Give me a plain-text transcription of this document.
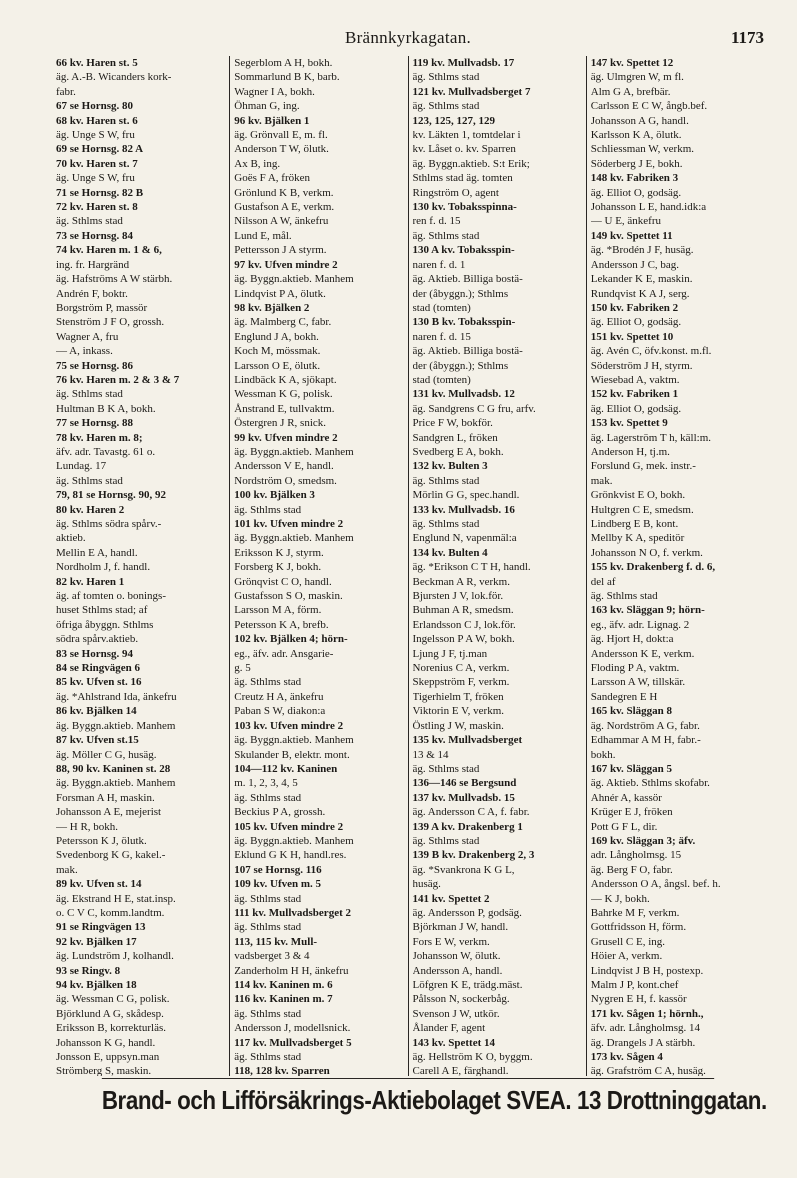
Brännkyrkagatan.	1173
66 kv. Haren st. 5
äg. A.-B. Wicanders kork-
fabr.
67 se Hornsg. 80
68 kv. Haren st. 6
äg. Unge S W, fru
69 se Hornsg. 82 A
70 kv. Haren st. 7
äg. Unge S W, fru
71 se Hornsg. 82 B
72 kv. Haren st. 8
äg. Sthlms stad
73 se Hornsg. 84
74 kv. Haren m. 1 & 6,
ing. fr. Hargränd
äg. Hafströms A W stärbh.
Andrén F, boktr.
Borgström P, massör
Stenström J F O, grossh.
Wagner A, fru
— A, inkass.
75 se Hornsg. 86
76 kv. Haren m. 2 & 3 & 7
äg. Sthlms stad
Hultman B K A, bokh.
77 se Hornsg. 88
78 kv. Haren m. 8;
äfv. adr. Tavastg. 61 o.
Lundag. 17
äg. Sthlms stad
79, 81 se Hornsg. 90, 92
80 kv. Haren 2
äg. Sthlms södra spårv.-
aktieb.
Mellin E A, handl.
Nordholm J, f. handl.
82 kv. Haren 1
äg. af tomten o. bonings-
huset Sthlms stad; af
öfriga åbyggn. Sthlms
södra spårv.aktieb.
83 se Hornsg. 94
84 se Ringvägen 6
85 kv. Ufven st. 16
äg. *Ahlstrand Ida, änkefru
86 kv. Bjälken 14
äg. Byggn.aktieb. Manhem
87 kv. Ufven st.15
äg. Möller C G, husäg.
88, 90 kv. Kaninen st. 28
äg. Byggn.aktieb. Manhem
Forsman A H, maskin.
Johansson A E, mejerist
— H R, bokh.
Petersson K J, ölutk.
Svedenborg K G, kakel.-
mak.
89 kv. Ufven st. 14
äg. Ekstrand H E, stat.insp.
o. C V C, komm.landtm.
91 se Ringvägen 13
92 kv. Bjälken 17
äg. Lundström J, kolhandl.
93 se Ringv. 8
94 kv. Bjälken 18
äg. Wessman C G, polisk.
Björklund A G, skådesp.
Eriksson B, korrekturläs.
Johansson K G, handl.
Jonsson E, uppsyn.man
Strömberg S, maskin.
Segerblom A H, bokh.
Sommarlund B K, barb.
Wagner I A, bokh.
Öhman G, ing.
96 kv. Bjälken 1
äg. Grönvall E, m. fl.
Anderson T W, ölutk.
Ax B, ing.
Goës F A, fröken
Grönlund K B, verkm.
Gustafson A E, verkm.
Nilsson A W, änkefru
Lund E, mål.
Pettersson J A styrm.
97 kv. Ufven mindre 2
äg. Byggn.aktieb. Manhem
Lindqvist P A, ölutk.
98 kv. Bjälken 2
äg. Malmberg C, fabr.
Englund J A, bokh.
Koch M, mössmak.
Larsson O E, ölutk.
Lindbäck K A, sjökapt.
Wessman K G, polisk.
Ånstrand E, tullvaktm.
Östergren J R, snick.
99 kv. Ufven mindre 2
äg. Byggn.aktieb. Manhem
Andersson V E, handl.
Nordström O, smedsm.
100 kv. Bjälken 3
äg. Sthlms stad
101 kv. Ufven mindre 2
äg. Byggn.aktieb. Manhem
Eriksson K J, styrm.
Forsberg K J, bokh.
Grönqvist C O, handl.
Gustafsson S O, maskin.
Larsson M A, förm.
Petersson K A, brefb.
102 kv. Bjälken 4; hörn-
eg., äfv. adr. Ansgarie-
g. 5
äg. Sthlms stad
Creutz H A, änkefru
Paban S W, diakon:a
103 kv. Ufven mindre 2
äg. Byggn.aktieb. Manhem
Skulander B, elektr. mont.
104—112 kv. Kaninen
m. 1, 2, 3, 4, 5
äg. Sthlms stad
Beckius P A, grossh.
105 kv. Ufven mindre 2
äg. Byggn.aktieb. Manhem
Eklund G K H, handl.res.
107 se Hornsg. 116
109 kv. Ufven m. 5
äg. Sthlms stad
111 kv. Mullvadsberget 2
äg. Sthlms stad
113, 115 kv. Mull-
vadsberget 3 & 4
Zanderholm H H, änkefru
114 kv. Kaninen m. 6
116 kv. Kaninen m. 7
äg. Sthlms stad
Andersson J, modellsnick.
117 kv. Mullvadsberget 5
äg. Sthlms stad
118, 128 kv. Sparren
119 kv. Mullvadsb. 17
äg. Sthlms stad
121 kv. Mullvadsberget 7
äg. Sthlms stad
123, 125, 127, 129
kv. Läkten 1, tomtdelar i
kv. Låset o. kv. Sparren
äg. Byggn.aktieb. S:t Erik;
Sthlms stad äg. tomten
Ringström O, agent
130 kv. Tobaksspinna-
ren f. d. 15
äg. Sthlms stad
130 A kv. Tobaksspin-
naren f. d. 1
äg. Aktieb. Billiga bostä-
der (åbyggn.); Sthlms
stad (tomten)
130 B kv. Tobaksspin-
naren f. d. 15
äg. Aktieb. Billiga bostä-
der (åbyggn.); Sthlms
stad (tomten)
131 kv. Mullvadsb. 12
äg. Sandgrens C G fru, arfv.
Price F W, bokför.
Sandgren L, fröken
Svedberg E A, bokh.
132 kv. Bulten 3
äg. Sthlms stad
Mörlin G G, spec.handl.
133 kv. Mullvadsb. 16
äg. Sthlms stad
Englund N, vapenmäl:a
134 kv. Bulten 4
äg. *Erikson C T H, handl.
Beckman A R, verkm.
Bjursten J V, lok.för.
Buhman A R, smedsm.
Erlandsson C J, lok.för.
Ingelsson P A W, bokh.
Ljung J F, tj.man
Norenius C A, verkm.
Skeppström F, verkm.
Tigerhielm T, fröken
Viktorin E V, verkm.
Östling J W, maskin.
135 kv. Mullvadsberget
13 & 14
äg. Sthlms stad
136—146 se Bergsund
137 kv. Mullvadsb. 15
äg. Andersson C A, f. fabr.
139 A kv. Drakenberg 1
äg. Sthlms stad
139 B kv. Drakenberg 2, 3
äg. *Svankrona K G L,
husäg.
141 kv. Spettet 2
äg. Andersson P, godsäg.
Björkman J W, handl.
Fors E W, verkm.
Johansson W, ölutk.
Andersson A, handl.
Löfgren K E, trädg.mäst.
Pålsson N, sockerbåg.
Svenson J W, utkör.
Ålander F, agent
143 kv. Spettet 14
äg. Hellström K O, byggm.
Carell A E, färghandl.
147 kv. Spettet 12
äg. Ulmgren W, m fl.
Alm G A, brefbär.
Carlsson E C W, ångb.bef.
Johansson A G, handl.
Karlsson K A, ölutk.
Schliessman W, verkm.
Söderberg J E, bokh.
148 kv. Fabriken 3
äg. Elliot O, godsäg.
Johansson L E, hand.idk:a
— U E, änkefru
149 kv. Spettet 11
äg. *Brodén J F, husäg.
Andersson J C, bag.
Lekander K E, maskin.
Rundqvist K A J, serg.
150 kv. Fabriken 2
äg. Elliot O, godsäg.
151 kv. Spettet 10
äg. Avén C, öfv.konst. m.fl.
Söderström J H, styrm.
Wiesebad A, vaktm.
152 kv. Fabriken 1
äg. Elliot O, godsäg.
153 kv. Spettet 9
äg. Lagerström T h, käll:m.
Anderson H, tj.m.
Forslund G, mek. instr.-
mak.
Grönkvist E O, bokh.
Hultgren C E, smedsm.
Lindberg E B, kont.
Mellby K A, speditör
Johansson N O, f. verkm.
155 kv. Drakenberg f. d. 6,
del af
äg. Sthlms stad
163 kv. Släggan 9; hörn-
eg., äfv. adr. Lignag. 2
äg. Hjort H, dokt:a
Andersson K E, verkm.
Floding P A, vaktm.
Larsson A W, tillskär.
Sandegren E H
165 kv. Släggan 8
äg. Nordström A G, fabr.
Edhammar A M H, fabr.-
bokh.
167 kv. Släggan 5
äg. Aktieb. Sthlms skofabr.
Ahnér A, kassör
Krüger E J, fröken
Pott G F L, dir.
169 kv. Släggan 3; äfv.
adr. Långholmsg. 15
äg. Berg F O, fabr.
Andersson O A, ångsl. bef. h.
— K J, bokh.
Bahrke M F, verkm.
Gottfridsson H, förm.
Grusell C E, ing.
Höier A, verkm.
Lindqvist J B H, postexp.
Malm J P, kont.chef
Nygren E H, f. kassör
171 kv. Sågen 1; hörnh.,
äfv. adr. Långholmsg. 14
äg. Drangels J A stärbh.
173 kv. Sågen 4
äg. Grafström C A, husäg.
Brand- och Lifförsäkrings-Aktiebolaget SVEA. 13 Drottninggatan.
